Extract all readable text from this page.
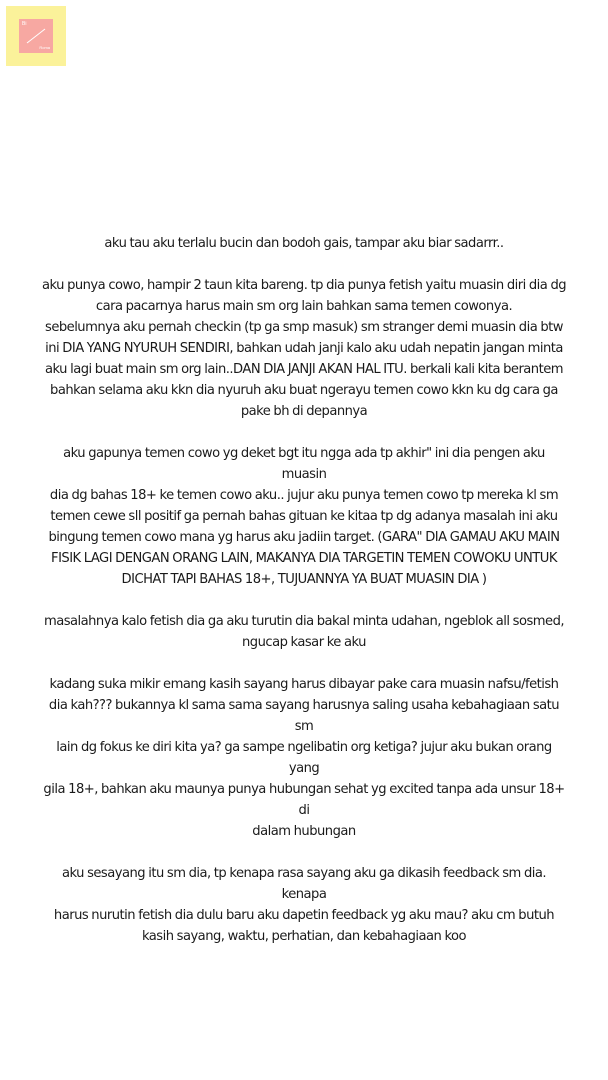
Bi
Roma

aku tau aku terlalu bucin dan bodoh gais, tampar aku biar sadarrr..

aku punya cowo, hampir 2 taun kita bareng. tp dia punya fetish yaitu muasin diri dia dg
cara pacarnya harus main sm org lain bahkan sama temen cowonya.
sebelumnya aku pernah checkin (tp ga smp masuk) sm stranger demi muasin dia btw
ini DIA YANG NYURUH SENDIRI, bahkan udah janji kalo aku udah nepatin jangan minta
aku lagi buat main sm org lain..DAN DIA JANJI AKAN HAL ITU. berkali kali kita berantem
bahkan selama aku kkn dia nyuruh aku buat ngerayu temen cowo kkn ku dg cara ga
pake bh di depannya

aku gapunya temen cowo yg deket bgt itu ngga ada tp akhir" ini dia pengen aku muasin
dia dg bahas 18+ ke temen cowo aku.. jujur aku punya temen cowo tp mereka kl sm
temen cewe sll positif ga pernah bahas gituan ke kitaa tp dg adanya masalah ini aku
bingung temen cowo mana yg harus aku jadiin target. (GARA" DIA GAMAU AKU MAIN
FISIK LAGI DENGAN ORANG LAIN, MAKANYA DIA TARGETIN TEMEN COWOKU UNTUK
DICHAT TAPI BAHAS 18+, TUJUANNYA YA BUAT MUASIN DIA )

masalahnya kalo fetish dia ga aku turutin dia bakal minta udahan, ngeblok all sosmed,
ngucap kasar ke aku

kadang suka mikir emang kasih sayang harus dibayar pake cara muasin nafsu/fetish
dia kah??? bukannya kl sama sama sayang harusnya saling usaha kebahagiaan satu sm
lain dg fokus ke diri kita ya? ga sampe ngelibatin org ketiga? jujur aku bukan orang yang
gila 18+, bahkan aku maunya punya hubungan sehat yg excited tanpa ada unsur 18+ di
dalam hubungan

aku sesayang itu sm dia, tp kenapa rasa sayang aku ga dikasih feedback sm dia. kenapa
harus nurutin fetish dia dulu baru aku dapetin feedback yg aku mau? aku cm butuh
kasih sayang, waktu, perhatian, dan kebahagiaan koo
